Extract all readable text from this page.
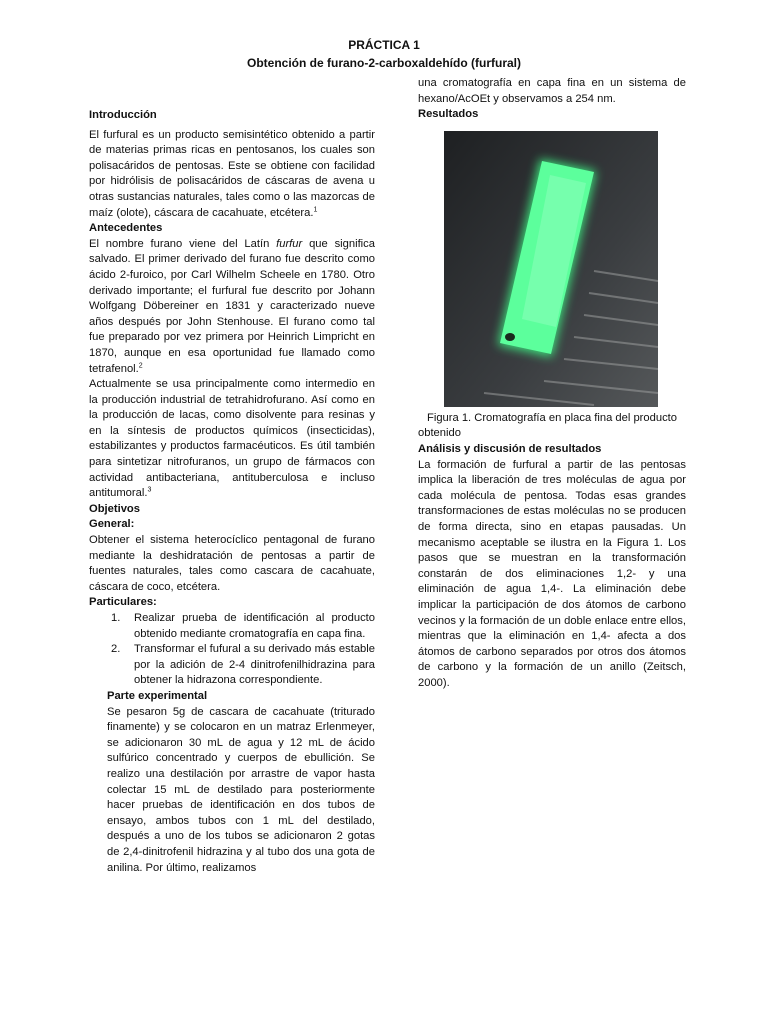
PRÁCTICA 1
Obtención de furano-2-carboxaldehído (furfural)
Introducción

El furfural es un producto semisintético obtenido a partir de materias primas ricas en pentosanos, los cuales son polisacáridos de pentosas. Este se obtiene con facilidad por hidrólisis de polisacáridos de cáscaras de avena u otras sustancias naturales, tales como o las mazorcas de maíz (olote), cáscara de cacahuate, etcétera.$^1$

Antecedentes

El nombre furano viene del Latín furfur que significa salvado. El primer derivado del furano fue descrito como ácido 2-furoico, por Carl Wilhelm Scheele en 1780. Otro derivado importante; el furfural fue descrito por Johann Wolfgang Döbereiner en 1831 y caracterizado nueve años después por John Stenhouse. El furano como tal fue preparado por vez primera por Heinrich Limpricht en 1870, aunque en esa oportunidad fue llamado como tetrafenol.$^2$

Actualmente se usa principalmente como intermedio en la producción industrial de tetrahidrofurano. Así como en la producción de lacas, como disolvente para resinas y en la síntesis de productos químicos (insecticidas), estabilizantes y productos farmacéuticos. Es útil también para sintetizar nitrofuranos, un grupo de fármacos con actividad antibacteriana, antituberculosa e incluso antitumoral.$^3$

Objetivos
General:

Obtener el sistema heterocíclico pentagonal de furano mediante la deshidratación de pentosas a partir de fuentes naturales, tales como cascara de cacahuate, cáscara de coco, etcétera.

Particulares:
1.	Realizar prueba de identificación al producto obtenido mediante cromatografía en capa fina.
2.	Transformar el fufural a su derivado más estable por la adición de 2-4 dinitrofenilhidrazina para obtener la hidrazona correspondiente.
Parte experimental

Se pesaron 5g de cascara de cacahuate (triturado finamente) y se colocaron en un matraz Erlenmeyer, se adicionaron 30 mL de agua y 12 mL de ácido sulfúrico concentrado y cuerpos de ebullición. Se realizo una destilación por arrastre de vapor hasta colectar 15 mL de destilado para posteriormente hacer pruebas de identificación en dos tubos de ensayo, ambos tubos con 1 mL del destilado, después a uno de los tubos se adicionaron 2 gotas de 2,4-dinitrofenil hidrazina y al tubo dos una gota de anilina. Por último, realizamos

una cromatografía en capa fina en un sistema de hexano/AcOEt y observamos a 254 nm.

Resultados

Figura 1. Cromatografía en placa fina del producto obtenido

Análisis y discusión de resultados

La formación de furfural a partir de las pentosas implica la liberación de tres moléculas de agua por cada molécula de pentosa. Todas esas grandes transformaciones de estas moléculas no se producen de forma directa, sino en etapas pausadas. Un mecanismo aceptable se ilustra en la Figura 1. Los pasos que se muestran en la transformación constarán de dos eliminaciones 1,2- y una eliminación de agua 1,4-. La eliminación debe implicar la participación de dos átomos de carbono vecinos y la formación de un doble enlace entre ellos, mientras que la eliminación en 1,4- afecta a dos átomos de carbono separados por otros dos átomos de carbono y la formación de un anillo (Zeitsch, 2000).
